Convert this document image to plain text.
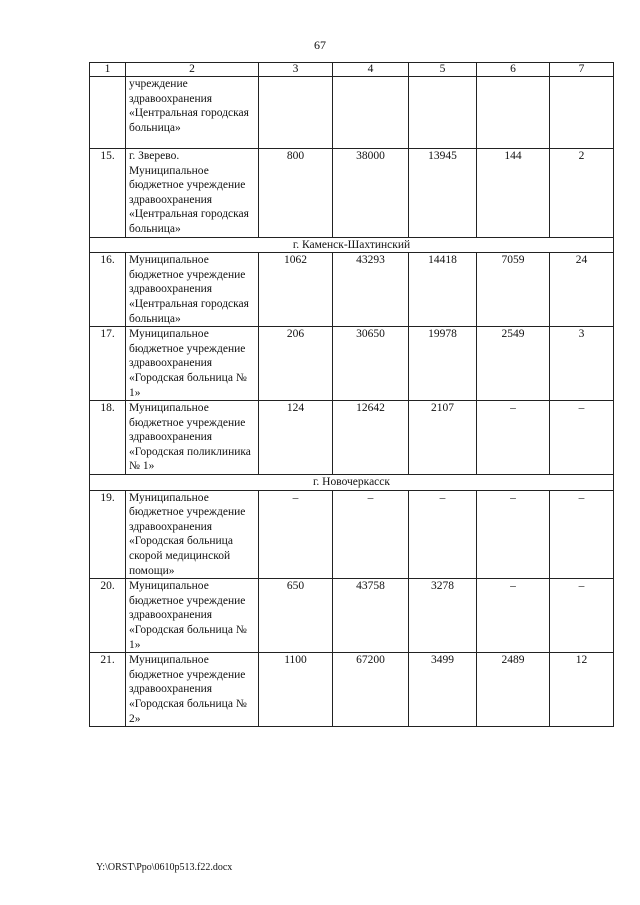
67
1	2	3	4	5	6	7
	учреждение здравоохранения «Центральная городская больница»					
15.	г. Зверево. Муниципальное бюджетное учреждение здравоохранения «Центральная городская больница»	800	38000	13945	144	2
г. Каменск-Шахтинский						
16.	Муниципальное бюджетное учреждение здравоохранения «Центральная городская больница»	1062	43293	14418	7059	24
17.	Муниципальное бюджетное учреждение здравоохранения «Городская больница № 1»	206	30650	19978	2549	3
18.	Муниципальное бюджетное учреждение здравоохранения «Городская поликлиника № 1»	124	12642	2107	–	–
г. Новочеркасск						
19.	Муниципальное бюджетное учреждение здравоохранения «Городская больница скорой медицинской помощи»	–	–	–	–	–
20.	Муниципальное бюджетное учреждение здравоохранения «Городская больница № 1»	650	43758	3278	–	–
21.	Муниципальное бюджетное учреждение здравоохранения «Городская больница № 2»	1100	67200	3499	2489	12
Y:\ORST\Ppo\0610p513.f22.docx
